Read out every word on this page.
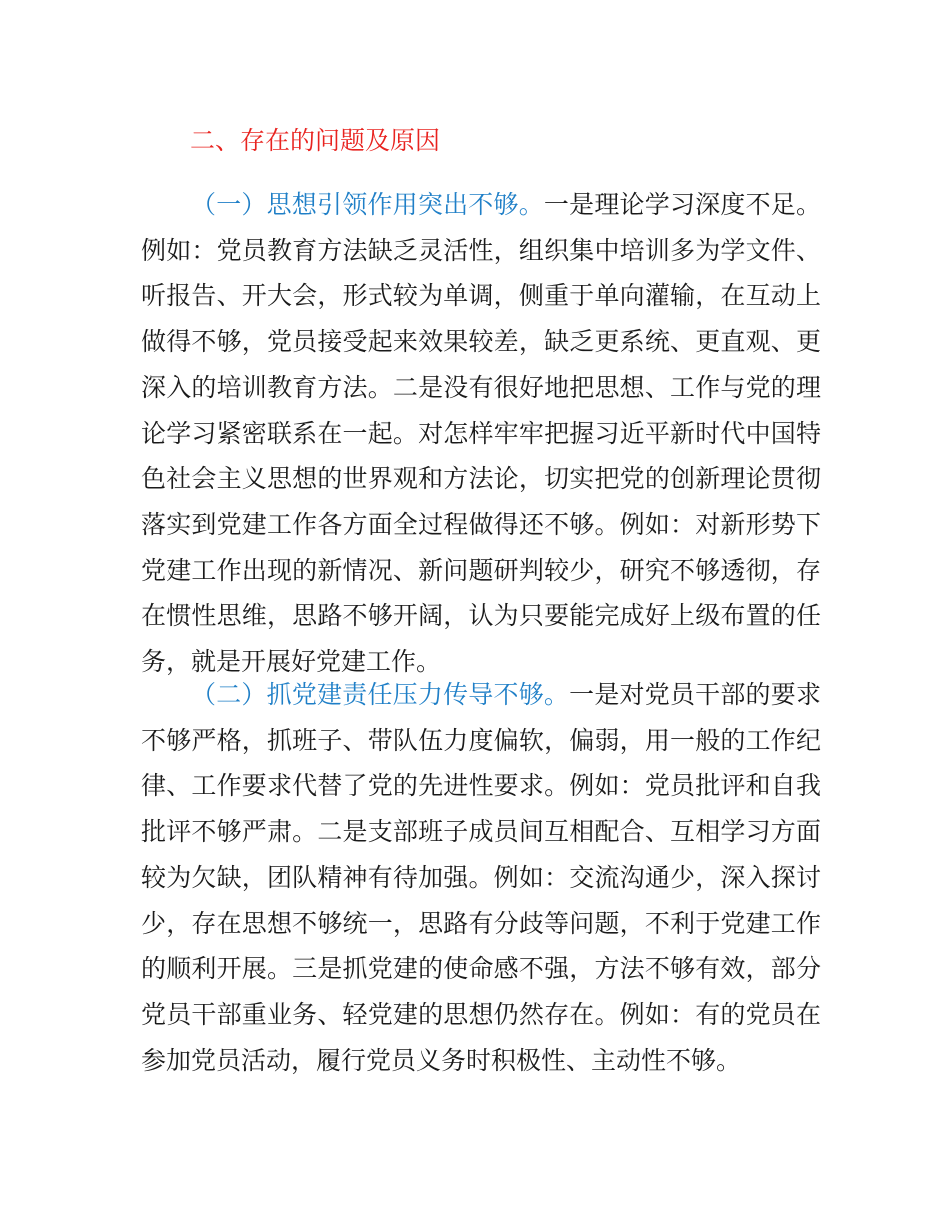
二、存在的问题及原因

（一）思想引领作用突出不够。一是理论学习深度不足。例如：党员教育方法缺乏灵活性，组织集中培训多为学文件、听报告、开大会，形式较为单调，侧重于单向灌输，在互动上做得不够，党员接受起来效果较差，缺乏更系统、更直观、更深入的培训教育方法。二是没有很好地把思想、工作与党的理论学习紧密联系在一起。对怎样牢牢把握习近平新时代中国特色社会主义思想的世界观和方法论，切实把党的创新理论贯彻落实到党建工作各方面全过程做得还不够。例如：对新形势下党建工作出现的新情况、新问题研判较少，研究不够透彻，存在惯性思维，思路不够开阔，认为只要能完成好上级布置的任务，就是开展好党建工作。

（二）抓党建责任压力传导不够。一是对党员干部的要求不够严格，抓班子、带队伍力度偏软，偏弱，用一般的工作纪律、工作要求代替了党的先进性要求。例如：党员批评和自我批评不够严肃。二是支部班子成员间互相配合、互相学习方面较为欠缺，团队精神有待加强。例如：交流沟通少，深入探讨少，存在思想不够统一，思路有分歧等问题，不利于党建工作的顺利开展。三是抓党建的使命感不强，方法不够有效，部分党员干部重业务、轻党建的思想仍然存在。例如：有的党员在参加党员活动，履行党员义务时积极性、主动性不够。
